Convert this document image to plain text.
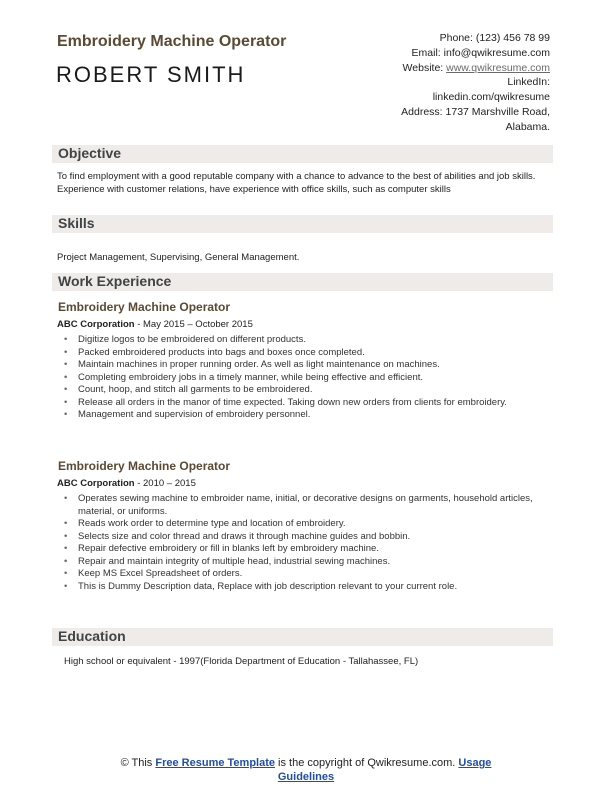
Embroidery Machine Operator
ROBERT SMITH
Phone: (123) 456 78 99
Email: info@qwikresume.com
Website: www.qwikresume.com
LinkedIn:
linkedin.com/qwikresume
Address: 1737 Marshville Road,
Alabama.
Objective
To find employment with a good reputable company with a chance to advance to the best of abilities and job skills. Experience with customer relations, have experience with office skills, such as computer skills
Skills
Project Management, Supervising, General Management.
Work Experience
Embroidery Machine Operator
ABC Corporation - May 2015 – October 2015
• Digitize logos to be embroidered on different products.
• Packed embroidered products into bags and boxes once completed.
• Maintain machines in proper running order. As well as light maintenance on machines.
• Completing embroidery jobs in a timely manner, while being effective and efficient.
• Count, hoop, and stitch all garments to be embroidered.
• Release all orders in the manor of time expected. Taking down new orders from clients for embroidery.
• Management and supervision of embroidery personnel.
Embroidery Machine Operator
ABC Corporation - 2010 – 2015
• Operates sewing machine to embroider name, initial, or decorative designs on garments, household articles, material, or uniforms.
• Reads work order to determine type and location of embroidery.
• Selects size and color thread and draws it through machine guides and bobbin.
• Repair defective embroidery or fill in blanks left by embroidery machine.
• Repair and maintain integrity of multiple head, industrial sewing machines.
• Keep MS Excel Spreadsheet of orders.
• This is Dummy Description data, Replace with job description relevant to your current role.
Education
High school or equivalent - 1997(Florida Department of Education - Tallahassee, FL)
© This Free Resume Template is the copyright of Qwikresume.com. Usage
Guidelines
